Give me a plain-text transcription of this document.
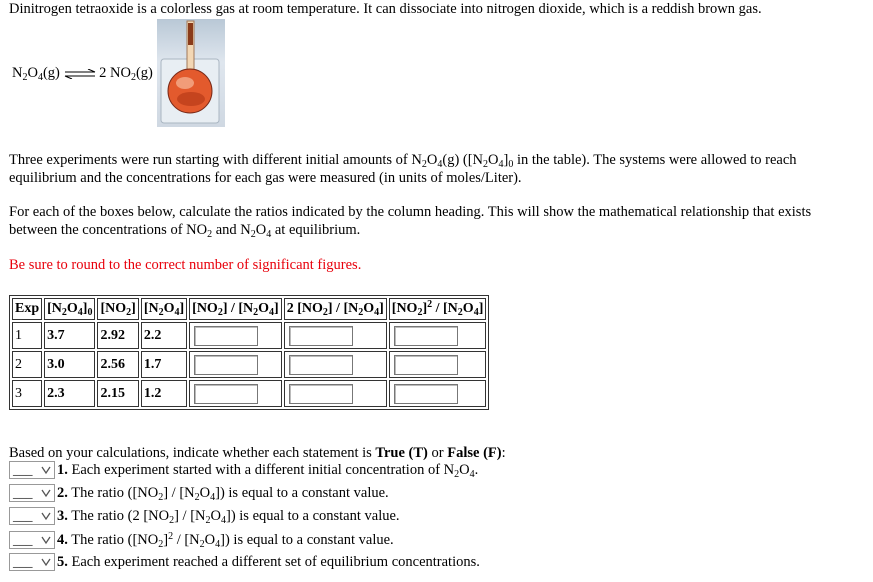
Dinitrogen tetraoxide is a colorless gas at room temperature. It can dissociate into nitrogen dioxide, which is a reddish brown gas.
$N_2O_4(g)$ ⇌ 2 $NO_2(g)$
Three experiments were run starting with different initial amounts of $N_2O_4(g)$ ($[N_2O_4]_0$ in the table). The systems were allowed to reach
equilibrium and the concentrations for each gas were measured (in units of moles/Liter).
For each of the boxes below, calculate the ratios indicated by the column heading. This will show the mathematical relationship that exists
between the concentrations of $NO_2$ and $N_2O_4$ at equilibrium.
Be sure to round to the correct number of significant figures.
Exp	$[N_2O_4]_0$	$[NO_2]$	$[N_2O_4]$	$[NO_2] / [N_2O_4]$	2 $[NO_2] / [N_2O_4]$	$[NO_2]^2 / [N_2O_4]$
1	3.7	2.92	2.2	

2	3.0	2.56	1.7	

3	2.3	2.15	1.2	

Based on your calculations, indicate whether each statement is True (T) or False (F):
___ 1. Each experiment started with a different initial concentration of $N_2O_4$.
___ 2. The ratio $([NO_2] / [N_2O_4])$ is equal to a constant value.
___ 3. The ratio (2 $[NO_2] / [N_2O_4]$) is equal to a constant value.
___ 4. The ratio $([NO_2]^2 / [N_2O_4])$ is equal to a constant value.
___ 5. Each experiment reached a different set of equilibrium concentrations.
